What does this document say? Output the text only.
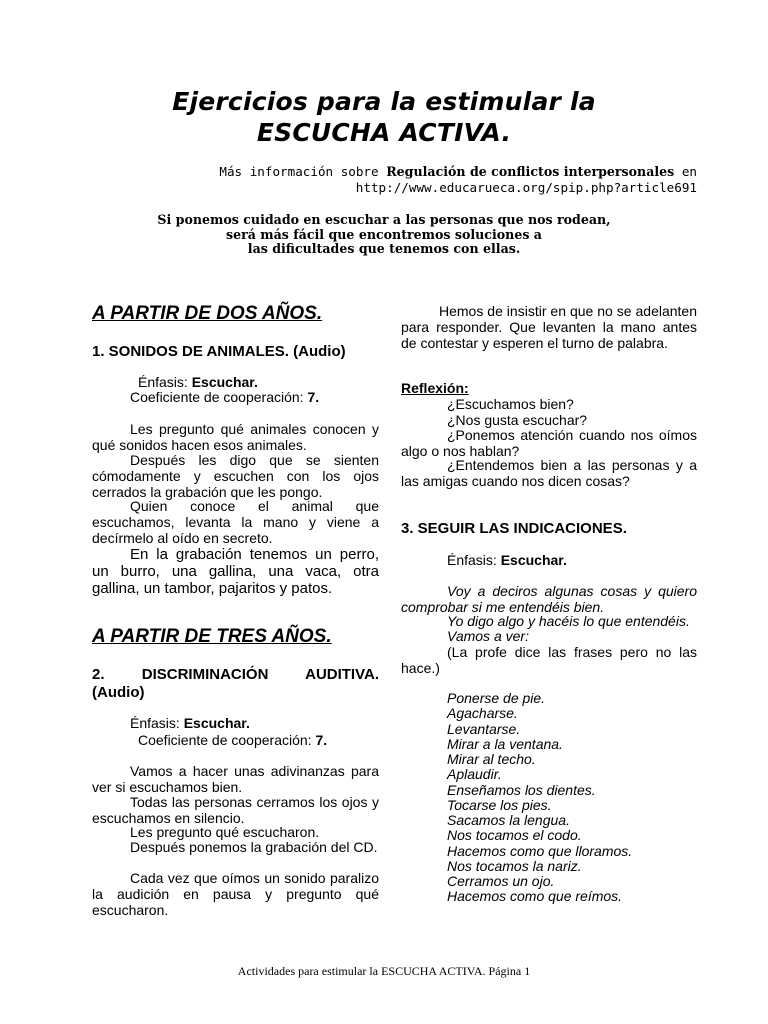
Ejercicios para la estimular la
ESCUCHA ACTIVA.
Más información sobre Regulación de conflictos interpersonales en
http://www.educarueca.org/spip.php?article691
Si ponemos cuidado en escuchar a las personas que nos rodean,
será más fácil que encontremos soluciones a
las dificultades que tenemos con ellas.
A PARTIR DE DOS AÑOS.
1. SONIDOS DE ANIMALES. (Audio)
Énfasis: Escuchar.
Coeficiente de cooperación: 7.
Les pregunto qué animales conocen y qué sonidos hacen esos animales.
Después les digo que se sienten cómodamente y escuchen con los ojos cerrados la grabación que les pongo.
Quien conoce el animal que escuchamos, levanta la mano y viene a decírmelo al oído en secreto.
En la grabación tenemos un perro, un burro, una gallina, una vaca, otra gallina, un tambor, pajaritos y patos.
A PARTIR DE TRES AÑOS.
2. DISCRIMINACIÓN AUDITIVA.
(Audio)
Énfasis: Escuchar.
Coeficiente de cooperación: 7.
Vamos a hacer unas adivinanzas para ver si escuchamos bien.
Todas las personas cerramos los ojos y escuchamos en silencio.
Les pregunto qué escucharon.
Después ponemos la grabación del CD.
Cada vez que oímos un sonido paralizo la audición en pausa y pregunto qué escucharon.
Hemos de insistir en que no se adelanten para responder. Que levanten la mano antes de contestar y esperen el turno de palabra.
Reflexión:
¿Escuchamos bien?
¿Nos gusta escuchar?
¿Ponemos atención cuando nos oímos algo o nos hablan?
¿Entendemos bien a las personas y a las amigas cuando nos dicen cosas?
3. SEGUIR LAS INDICACIONES.
Énfasis: Escuchar.
Voy a deciros algunas cosas y quiero comprobar si me entendéis bien.
Yo digo algo y hacéis lo que entendéis.
Vamos a ver:
(La profe dice las frases pero no las hace.)
Ponerse de pie.
Agacharse.
Levantarse.
Mirar a la ventana.
Mirar al techo.
Aplaudir.
Enseñamos los dientes.
Tocarse los pies.
Sacamos la lengua.
Nos tocamos el codo.
Hacemos como que lloramos.
Nos tocamos la nariz.
Cerramos un ojo.
Hacemos como que reímos.
Actividades para estimular la ESCUCHA ACTIVA. Página 1
